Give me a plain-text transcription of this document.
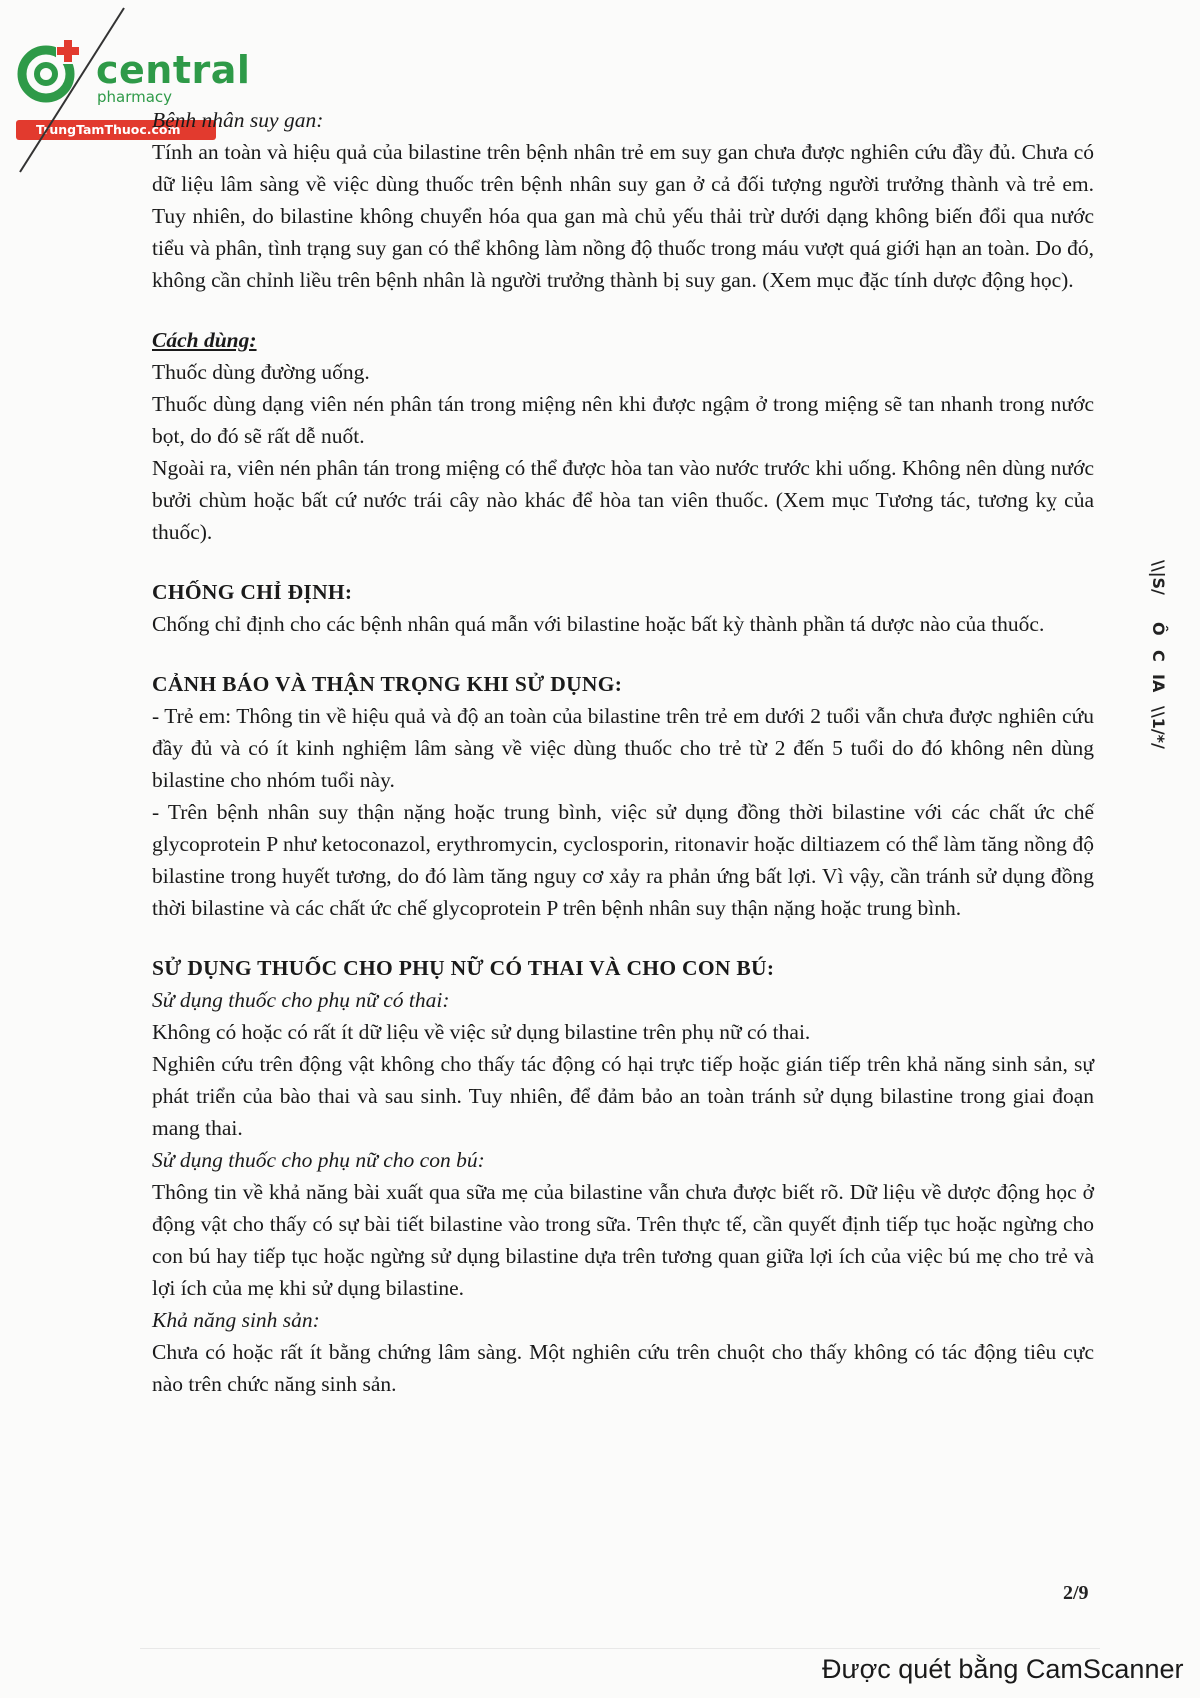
central
pharmacy
TrungTamThuoc.com

Bệnh nhân suy gan:

Tính an toàn và hiệu quả của bilastine trên bệnh nhân trẻ em suy gan chưa được nghiên cứu đầy đủ. Chưa có dữ liệu lâm sàng về việc dùng thuốc trên bệnh nhân suy gan ở cả đối tượng người trưởng thành và trẻ em. Tuy nhiên, do bilastine không chuyển hóa qua gan mà chủ yếu thải trừ dưới dạng không biến đổi qua nước tiểu và phân, tình trạng suy gan có thể không làm nồng độ thuốc trong máu vượt quá giới hạn an toàn. Do đó, không cần chỉnh liều trên bệnh nhân là người trưởng thành bị suy gan. (Xem mục đặc tính dược động học).

Cách dùng:

Thuốc dùng đường uống.

Thuốc dùng dạng viên nén phân tán trong miệng nên khi được ngậm ở trong miệng sẽ tan nhanh trong nước bọt, do đó sẽ rất dễ nuốt.

Ngoài ra, viên nén phân tán trong miệng có thể được hòa tan vào nước trước khi uống. Không nên dùng nước bưởi chùm hoặc bất cứ nước trái cây nào khác để hòa tan viên thuốc. (Xem mục Tương tác, tương kỵ của thuốc).

CHỐNG CHỈ ĐỊNH:

Chống chỉ định cho các bệnh nhân quá mẫn với bilastine hoặc bất kỳ thành phần tá dược nào của thuốc.

CẢNH BÁO VÀ THẬN TRỌNG KHI SỬ DỤNG:

- Trẻ em: Thông tin về hiệu quả và độ an toàn của bilastine trên trẻ em dưới 2 tuổi vẫn chưa được nghiên cứu đầy đủ và có ít kinh nghiệm lâm sàng về việc dùng thuốc cho trẻ từ 2 đến 5 tuổi do đó không nên dùng bilastine cho nhóm tuổi này.

- Trên bệnh nhân suy thận nặng hoặc trung bình, việc sử dụng đồng thời bilastine với các chất ức chế glycoprotein P như ketoconazol, erythromycin, cyclosporin, ritonavir hoặc diltiazem có thể làm tăng nồng độ bilastine trong huyết tương, do đó làm tăng nguy cơ xảy ra phản ứng bất lợi. Vì vậy, cần tránh sử dụng đồng thời bilastine và các chất ức chế glycoprotein P trên bệnh nhân suy thận nặng hoặc trung bình.

SỬ DỤNG THUỐC CHO PHỤ NỮ CÓ THAI VÀ CHO CON BÚ:

Sử dụng thuốc cho phụ nữ có thai:

Không có hoặc có rất ít dữ liệu về việc sử dụng bilastine trên phụ nữ có thai.

Nghiên cứu trên động vật không cho thấy tác động có hại trực tiếp hoặc gián tiếp trên khả năng sinh sản, sự phát triển của bào thai và sau sinh. Tuy nhiên, để đảm bảo an toàn tránh sử dụng bilastine trong giai đoạn mang thai.

Sử dụng thuốc cho phụ nữ cho con bú:

Thông tin về khả năng bài xuất qua sữa mẹ của bilastine vẫn chưa được biết rõ. Dữ liệu về dược động học ở động vật cho thấy có sự bài tiết bilastine vào trong sữa. Trên thực tế, cần quyết định tiếp tục hoặc ngừng cho con bú hay tiếp tục hoặc ngừng sử dụng bilastine dựa trên tương quan giữa lợi ích của việc bú mẹ cho trẻ và lợi ích của mẹ khi sử dụng bilastine.

Khả năng sinh sản:

Chưa có hoặc rất ít bằng chứng lâm sàng. Một nghiên cứu trên chuột cho thấy không có tác động tiêu cực nào trên chức năng sinh sản.

\\|S/
Ô
C
IA
\\1/*/
2/9
Được quét bằng CamScanner
